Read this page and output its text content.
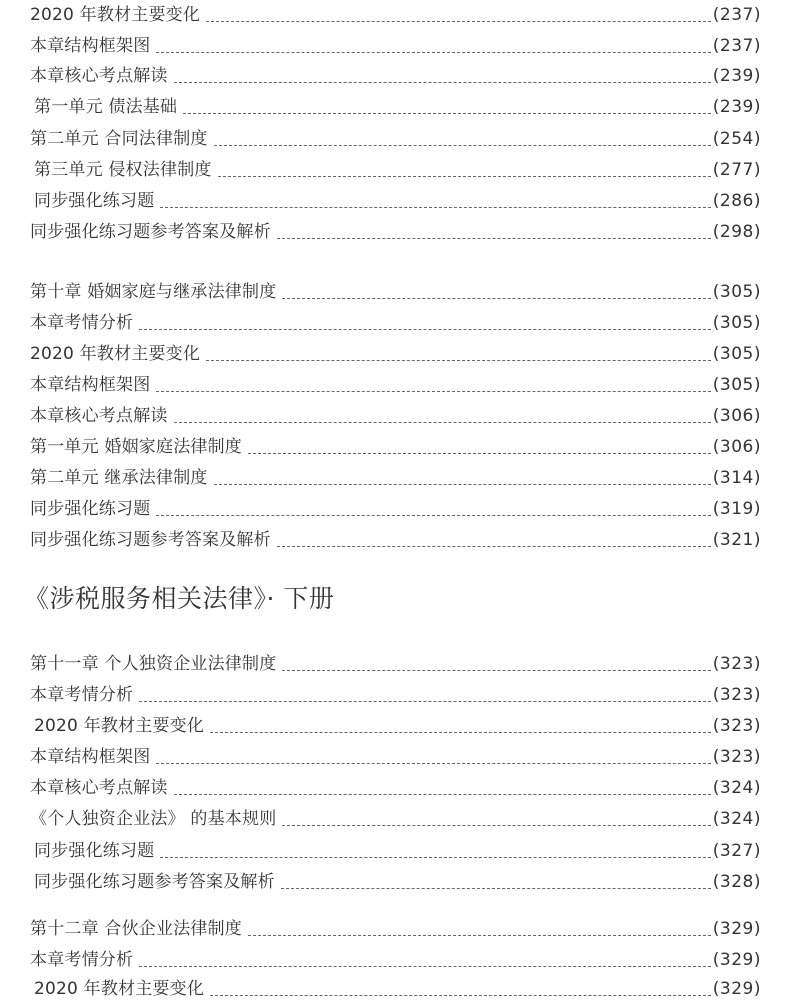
2020 年教材主要变化	(237)
本章结构框架图	(237)
本章核心考点解读	(239)
第一单元 债法基础	(239)
第二单元 合同法律制度	(254)
第三单元 侵权法律制度	(277)
同步强化练习题	(286)
同步强化练习题参考答案及解析	(298)
第十章 婚姻家庭与继承法律制度	(305)
本章考情分析	(305)
2020 年教材主要变化	(305)
本章结构框架图	(305)
本章核心考点解读	(306)
第一单元 婚姻家庭法律制度	(306)
第二单元 继承法律制度	(314)
同步强化练习题	(319)
同步强化练习题参考答案及解析	(321)
《涉税服务相关法律》· 下册
第十一章 个人独资企业法律制度	(323)
本章考情分析	(323)
2020 年教材主要变化	(323)
本章结构框架图	(323)
本章核心考点解读	(324)
《个人独资企业法》 的基本规则	(324)
同步强化练习题	(327)
同步强化练习题参考答案及解析	(328)
第十二章 合伙企业法律制度	(329)
本章考情分析	(329)
2020 年教材主要变化	(329)
